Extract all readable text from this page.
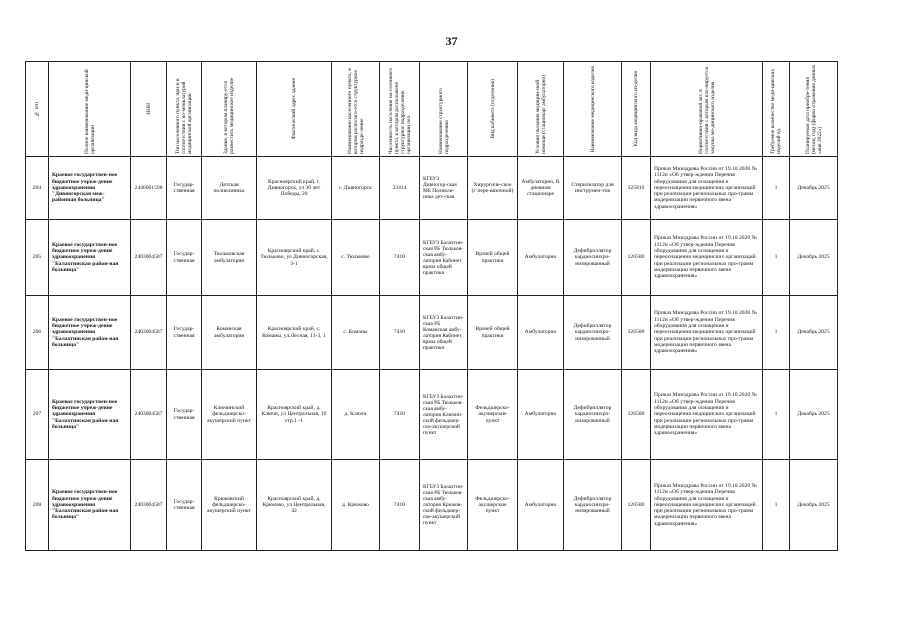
37
№ п/п	Полное наименование меди-цинской организации	ИНН	Тип населенного пунктa, при-н в соответствии с но-менклатурой медицинской организации	Здание, в котором планиру-ется разместить медицинское изделие	Фактический адрес здания	Наименование населенного пункта, в котором располага-ется структурное подразде-ление	Численность населения на-селенного пункта, в котором расположено структурное подразделение организации чел.	Наименование структурного подразделения	Вид кабинета (отделения)	Условия оказания медицин-ской помощи (стационар/ амбулаторно)	Наименование медицинского изделия	Код вида медицинского из-делия	Нормативно-правовой акт, в соответствии с которым пла-нируется закупка ме-дицинского изделия	Требуемое количество меди-цинских изделий ед.	Планируемая дата приобре-тения (месяц, год) (форма отражения данных «янв 2022»)

204	Краевое государствен-ное бюджетное учреж-дение здравоохранения "Дивногорская меж-районная больница"	2446001598	Государ-ственная	Детская поликлиника	Красноярский край, г. Дивногорск, ул 30 лет Победы, 20	г. Дивногорск	33414	КГБУЗ Дивногор-ская МБ Поликли-ника дет-ская	Хирургиче-ское (с пере-вязочной)	Амбулаторно, В дневном стационаре	Стерилизатор для инструмен-тов	125810	Приказ Минздрава России от 19.10.2020 № 1112н «Об утвер-ждении Перечня оборудования для оснащения и переоснащения медицинских организаций при реализации региональных про-грамм модернизации первичного звена здравоохранения»	1	Декабрь 2025
205	Краевое государствен-ное бюджетное учреж-дение здравоохранения "Балахтинская район-ная больница"	2403004587	Государ-ственная	Тюльковская амбулатория	Красноярский край, с. Тюльково, ул Дивногорская, 3-1	с. Тюльково	7410	КГБУЗ Балахтин-ская РБ Тюльков-ская амбу-латория Кабинет врача общей практики	Врачей общей практики	Амбулаторно	Дефибриллятор кардиосинхро-низированный	126500	Приказ Минздрава России от 19.10.2020 № 1112н «Об утвер-ждении Перечня оборудования для оснащения и переоснащения медицинских организаций при реализации региональных про-грамм модернизации первичного звена здравоохранения»	1	Декабрь 2025
206	Краевое государствен-ное бюджетное учреж-дение здравоохранения "Балахтинская район-ная больница"	2403004587	Государ-ственная	Команская амбулатория	Красноярский край, с. Команы, ул.Лесная, 11-3, 1	с. Команы	7410	КГБУЗ Балахтин-ская РБ Команская амбу-латория Кабинет врача общей практики	Врачей общей практики	Амбулаторно	Дефибриллятор кардиосинхро-низированный	126500	Приказ Минздрава России от 19.10.2020 № 1112н «Об утвер-ждении Перечня оборудования для оснащения и переоснащения медицинских организаций при реализации региональных про-грамм модернизации первичного звена здравоохранения»	1	Декабрь 2025
207	Краевое государствен-ное бюджетное учреж-дение здравоохранения "Балахтинская район-ная больница"	2403004587	Государ-ственная	Ключинский фельдшерско-акушерский пункт	Красноярский край, д. Ключи, ул Центральная, 10 стр.1 -1	д. Ключи	7410	КГБУЗ Балахтин-ская РБ Тюльков-ская амбу-латория Ключин-ский фельдшер-ско-акушерский пункт	Фельдшерско-акушерские пункт	Амбулаторно	Дефибриллятор кардиосинхро-низированный	126500	Приказ Минздрава России от 19.10.2020 № 1112н «Об утвер-ждении Перечня оборудования для оснащения и переоснащения медицинских организаций при реализации региональных про-грамм модернизации первичного звена здравоохранения»	1	Декабрь 2025
208	Краевое государствен-ное бюджетное учреж-дение здравоохранения "Балахтинская район-ная больница"	2403004587	Государ-ственная	Крюковский фельдшерско-акушерский пункт	Красноярский край, д. Крюково, ул Центральная, 42	д. Крюково	7410	КГБУЗ Балахтин-ская РБ Тюльков-ская амбу-латория Крюков-ский фельдшер-ско-акушерский пункт	Фельдшерско-акушерские пункт	Амбулаторно	Дефибриллятор кардиосинхро-низированный	126500	Приказ Минздрава России от 19.10.2020 № 1112н «Об утвер-ждении Перечня оборудования для оснащения и переоснащения медицинских организаций при реализации региональных про-грамм модернизации первичного звена здравоохранения»	1	Декабрь 2025
